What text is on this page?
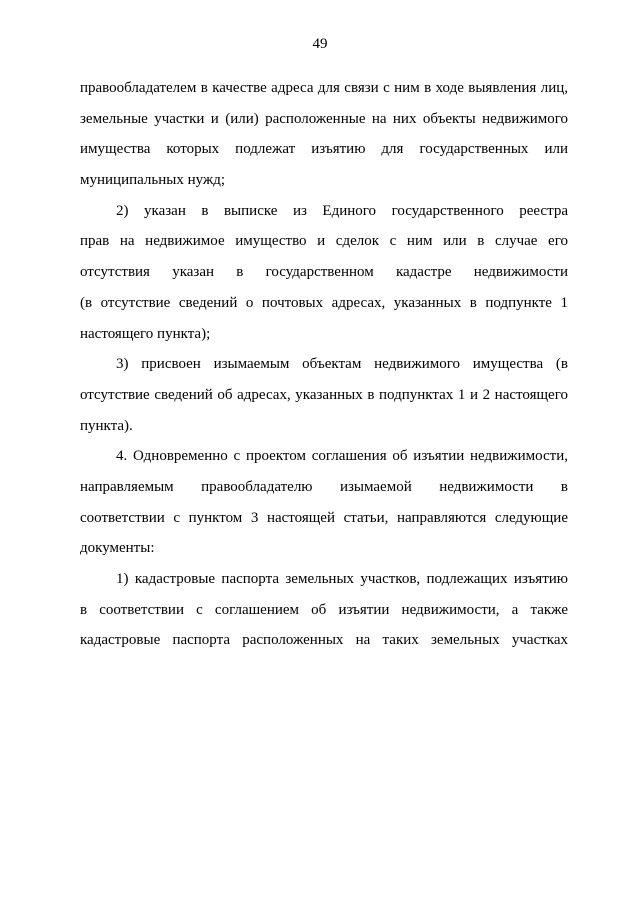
49
правообладателем в качестве адреса для связи с ним в ходе выявления лиц,
земельные участки и (или) расположенные на них объекты недвижимого
имущества которых подлежат изъятию для государственных или
муниципальных нужд;
2) указан в выписке из Единого государственного реестра
прав на недвижимое имущество и сделок с ним или в случае его
отсутствия указан в государственном кадастре недвижимости
(в отсутствие сведений о почтовых адресах, указанных в подпункте 1
настоящего пункта);
3) присвоен изымаемым объектам недвижимого имущества (в
отсутствие сведений об адресах, указанных в подпунктах 1 и 2 настоящего
пункта).
4. Одновременно с проектом соглашения об изъятии недвижимости,
направляемым правообладателю изымаемой недвижимости в
соответствии с пунктом 3 настоящей статьи, направляются следующие
документы:
1) кадастровые паспорта земельных участков, подлежащих изъятию
в соответствии с соглашением об изъятии недвижимости, а также
кадастровые паспорта расположенных на таких земельных участках
